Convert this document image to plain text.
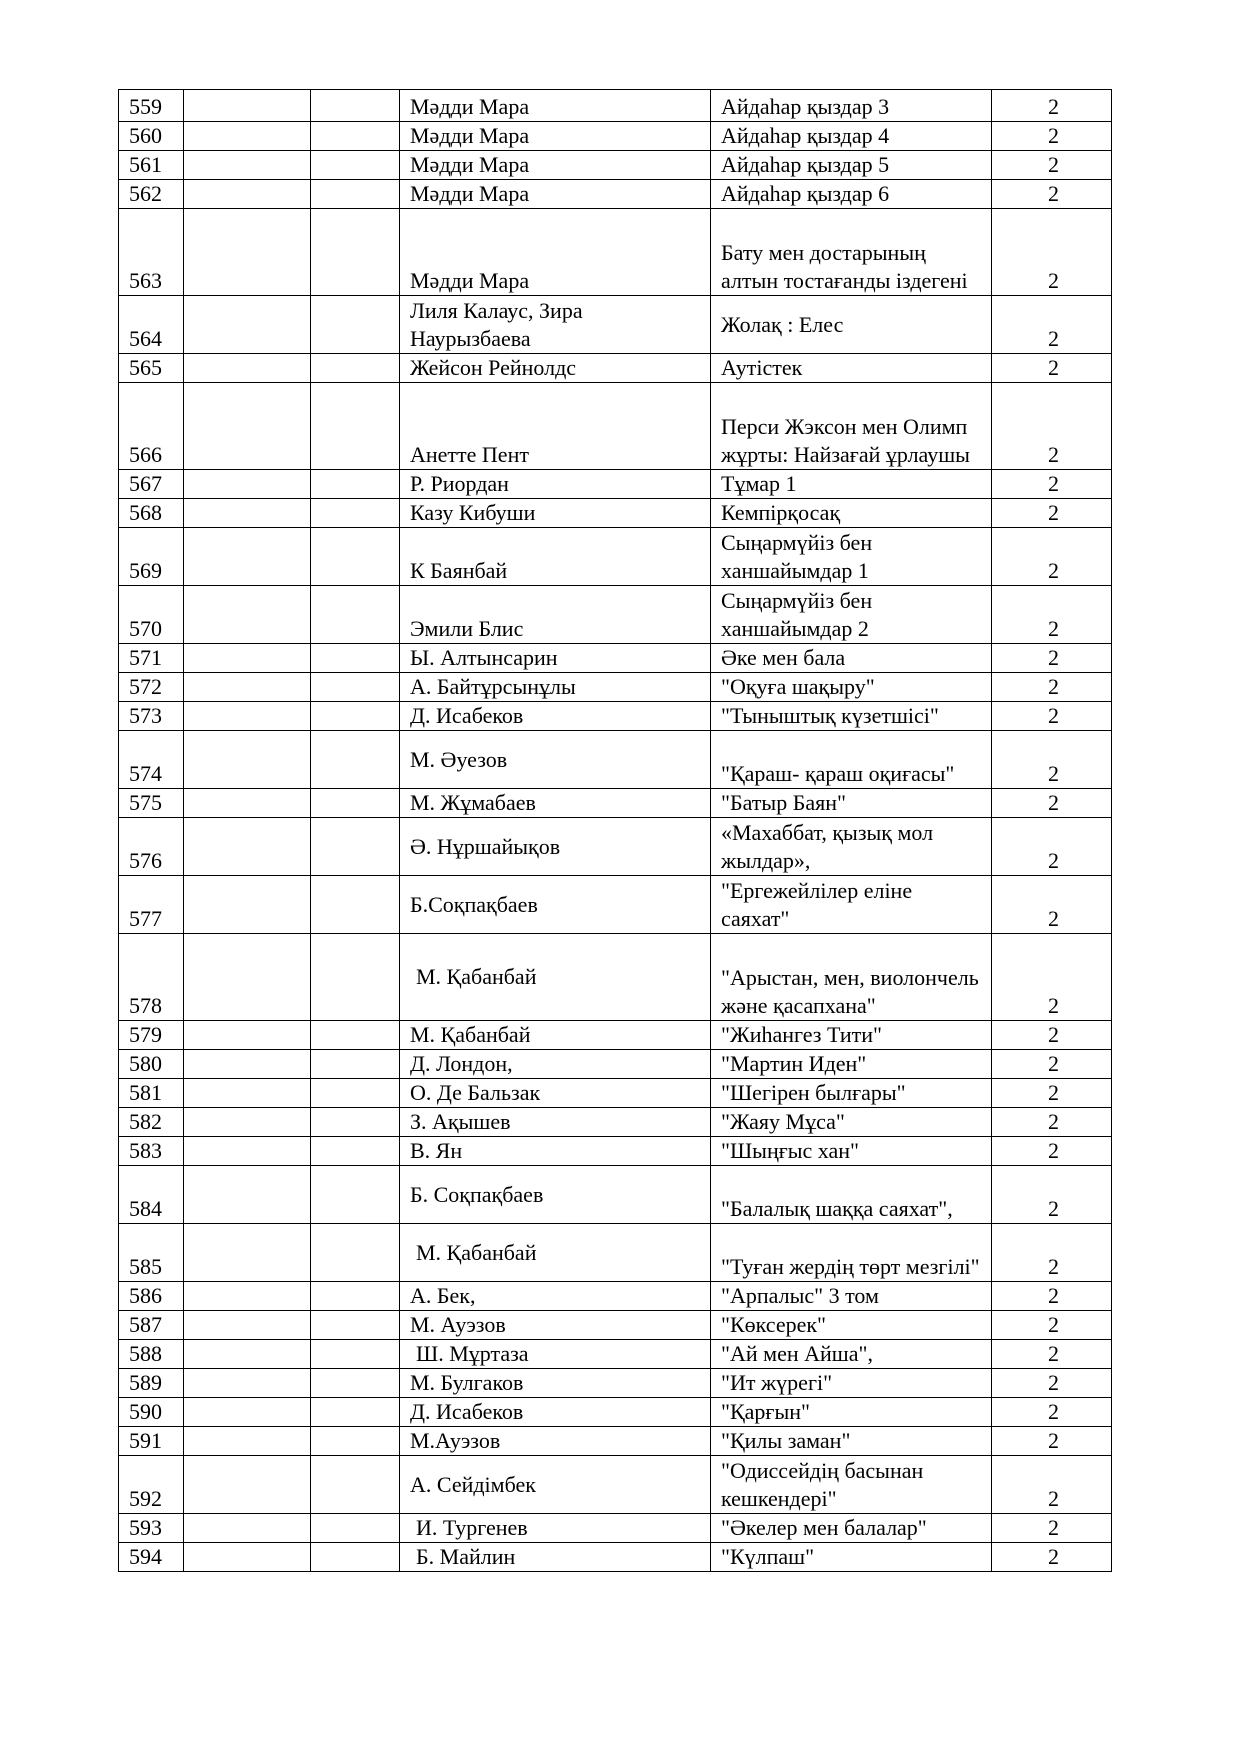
559			Мәдди Мара	Айдаһар қыздар 3	2
560			Мәдди Мара	Айдаһар қыздар 4	2
561			Мәдди Мара	Айдаһар қыздар 5	2
562			Мәдди Мара	Айдаһар қыздар 6	2
563			Мәдди Мара	Бату мен достарының алтын тостағанды іздегені	2
564			Лиля Калаус, Зира Наурызбаева	Жолақ : Елес	2
565			Жейсон Рейнолдс	Аутістек	2
566			Анетте Пент	Перси Жэксон мен Олимп жұрты: Найзағай ұрлаушы	2
567			Р. Риордан	Тұмар 1	2
568			Казу Кибуши	Кемпірқосақ	2
569			К Баянбай	Сыңармүйіз бен ханшайымдар 1	2
570			Эмили Блис	Сыңармүйіз бен ханшайымдар 2	2
571			Ы. Алтынсарин	Әке мен бала	2
572			А. Байтұрсынұлы	"Оқуға шақыру"	2
573			Д. Исабеков	"Тыныштық күзетшісі"	2
574			М. Әуезов	"Қараш- қараш оқиғасы"	2
575			М. Жұмабаев	"Батыр Баян"	2
576			Ә. Нұршайықов	«Махаббат, қызық мол жылдар»,	2
577			Б.Соқпақбаев	"Ергежейлілер еліне саяхат"	2
578			М. Қабанбай	"Арыстан, мен, виолончель және қасапхана"	2
579			М. Қабанбай	"Жиһангез Тити"	2
580			Д. Лондон,	"Мартин Иден"	2
581			О. Де Бальзак	"Шегірен былғары"	2
582			З. Ақышев	"Жаяу Мұса"	2
583			В. Ян	"Шыңғыс хан"	2
584			Б. Соқпақбаев	"Балалық шаққа саяхат",	2
585			М. Қабанбай	"Туған жердің төрт мезгілі"	2
586			А. Бек,	"Арпалыс" 3 том	2
587			М. Ауэзов	"Көксерек"	2
588			Ш. Мұртаза	"Ай мен Айша",	2
589			М. Булгаков	"Ит жүрегі"	2
590			Д. Исабеков	"Қарғын"	2
591			М.Ауэзов	"Қилы заман"	2
592			А. Сейдімбек	"Одиссейдің басынан кешкендері"	2
593			И. Тургенев	"Әкелер мен балалар"	2
594			Б. Майлин	"Күлпаш"	2
